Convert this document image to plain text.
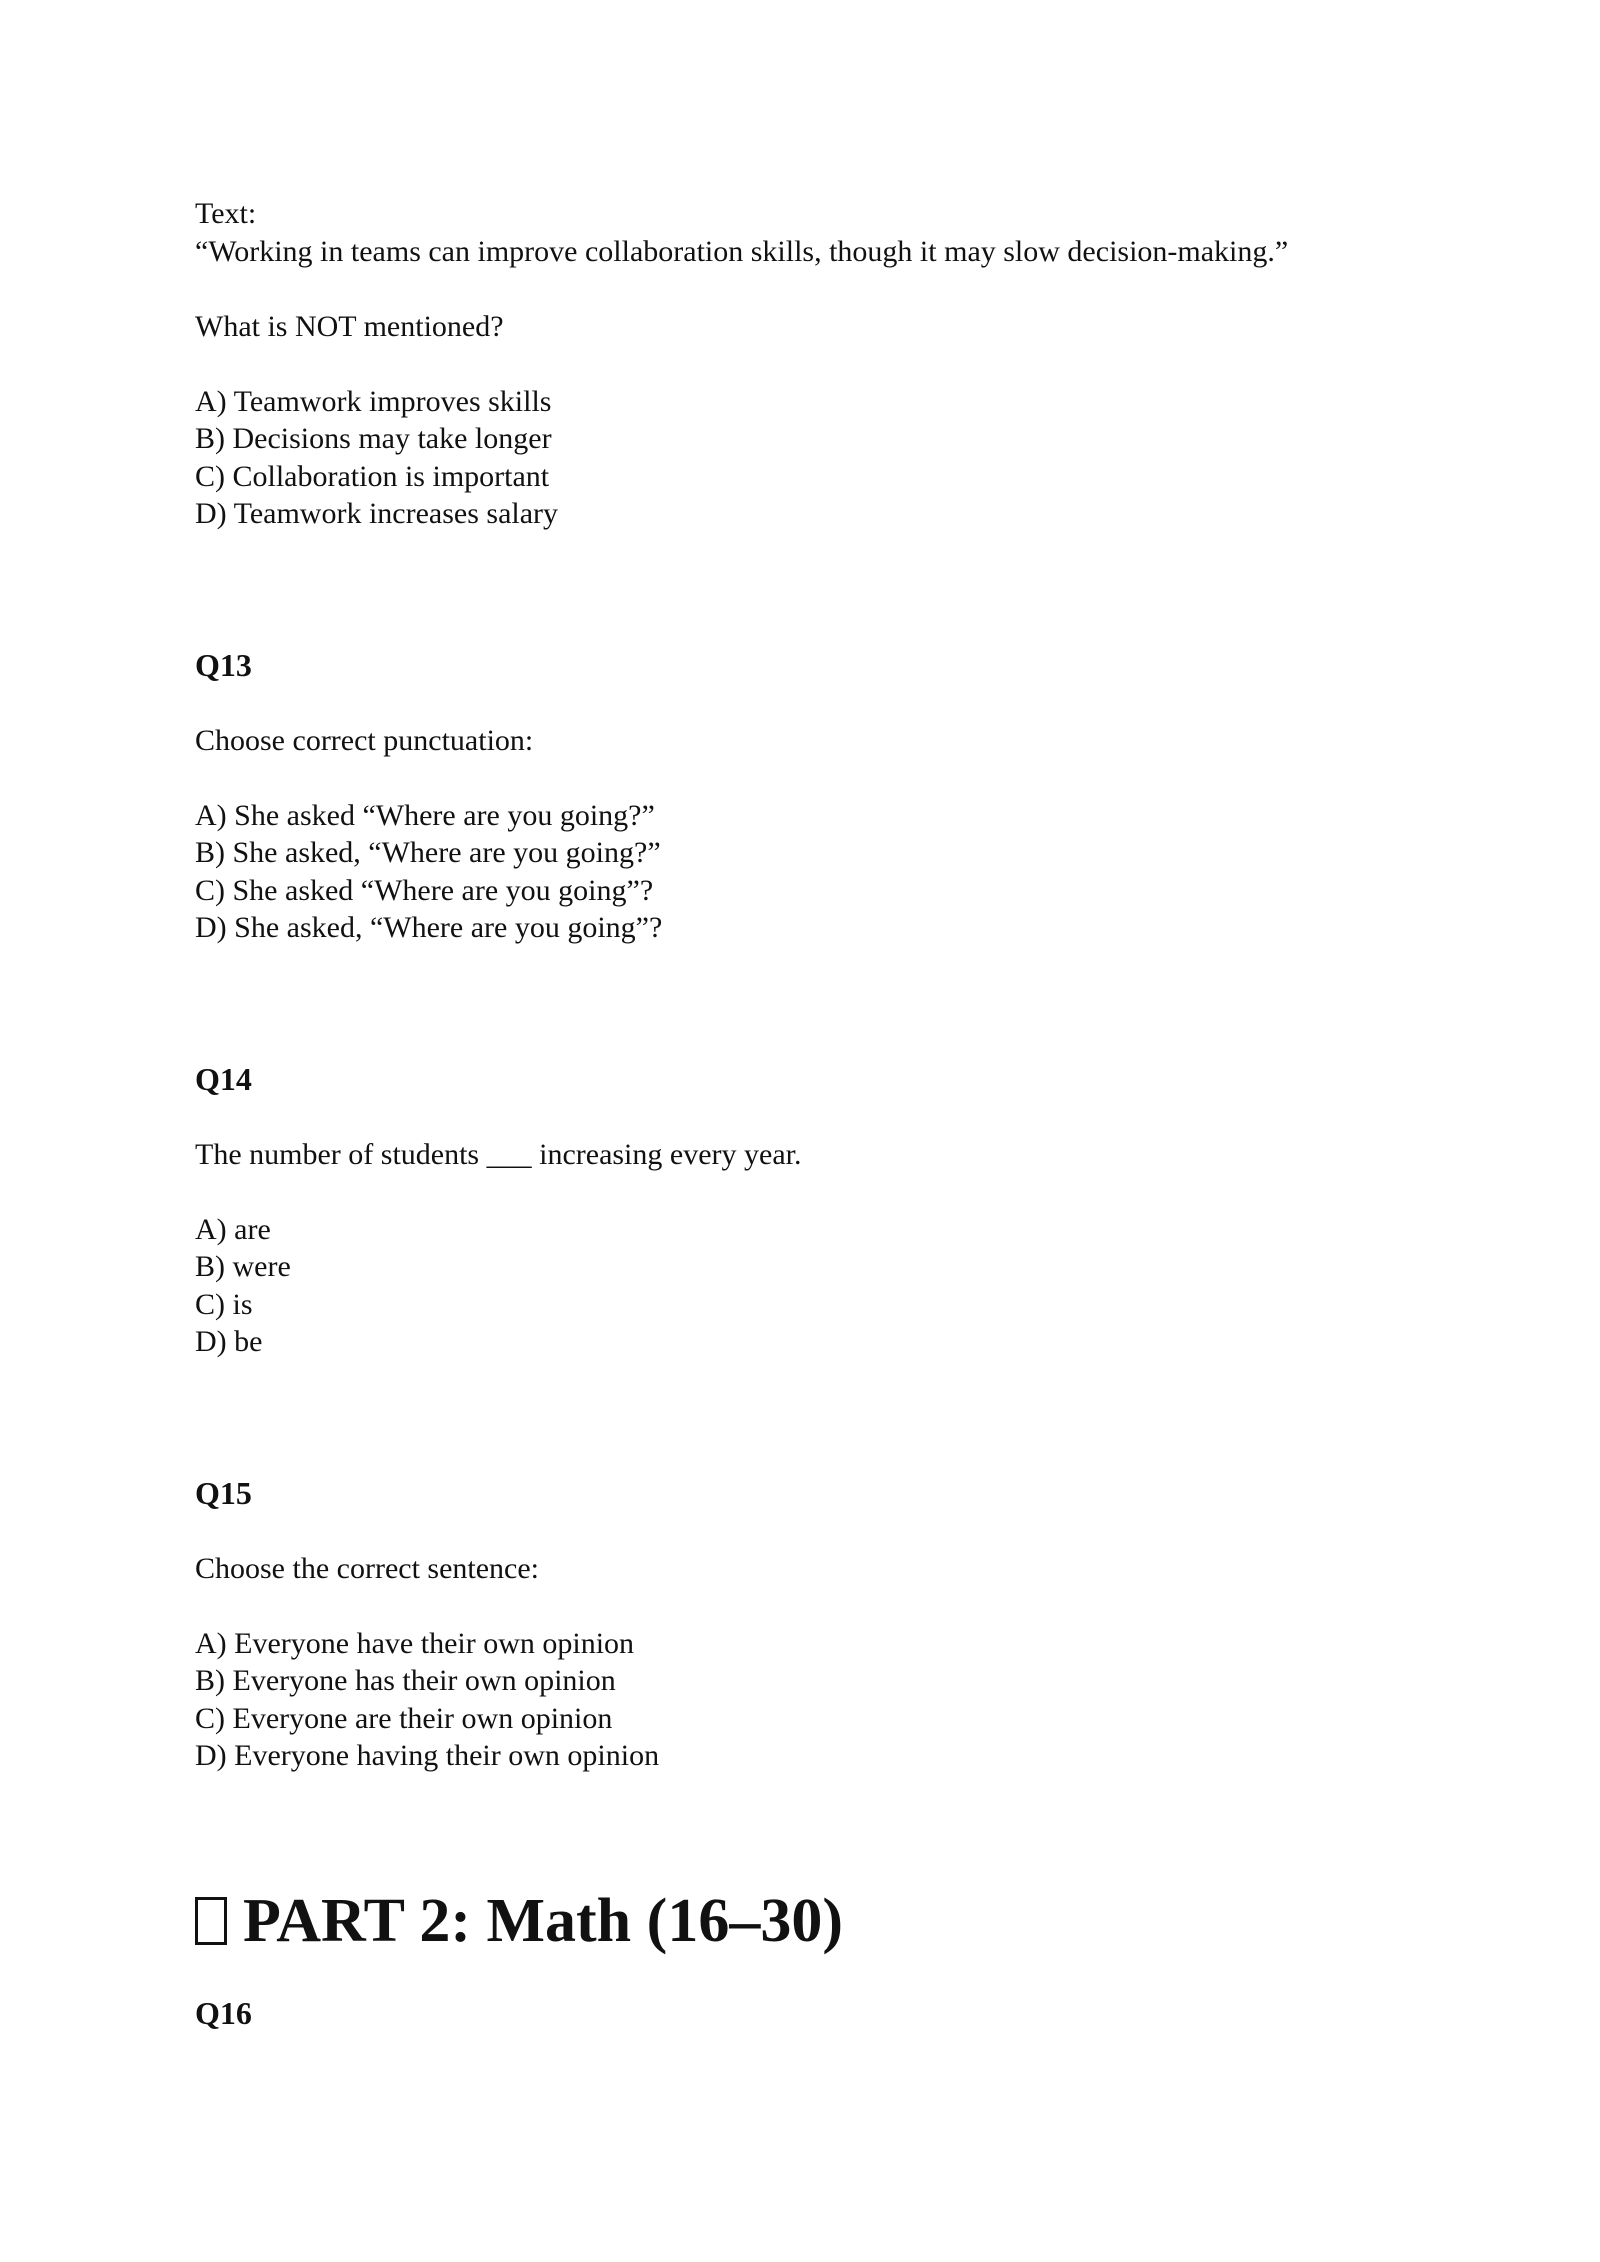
Text:
“Working in teams can improve collaboration skills, though it may slow decision-making.”
What is NOT mentioned?
A) Teamwork improves skills
B) Decisions may take longer
C) Collaboration is important
D) Teamwork increases salary
Q13
Choose correct punctuation:
A) She asked “Where are you going?”
B) She asked, “Where are you going?”
C) She asked “Where are you going”?
D) She asked, “Where are you going”?
Q14
The number of students ___ increasing every year.
A) are
B) were
C) is
D) be
Q15
Choose the correct sentence:
A) Everyone have their own opinion
B) Everyone has their own opinion
C) Everyone are their own opinion
D) Everyone having their own opinion
PART 2: Math (16–30)
Q16
